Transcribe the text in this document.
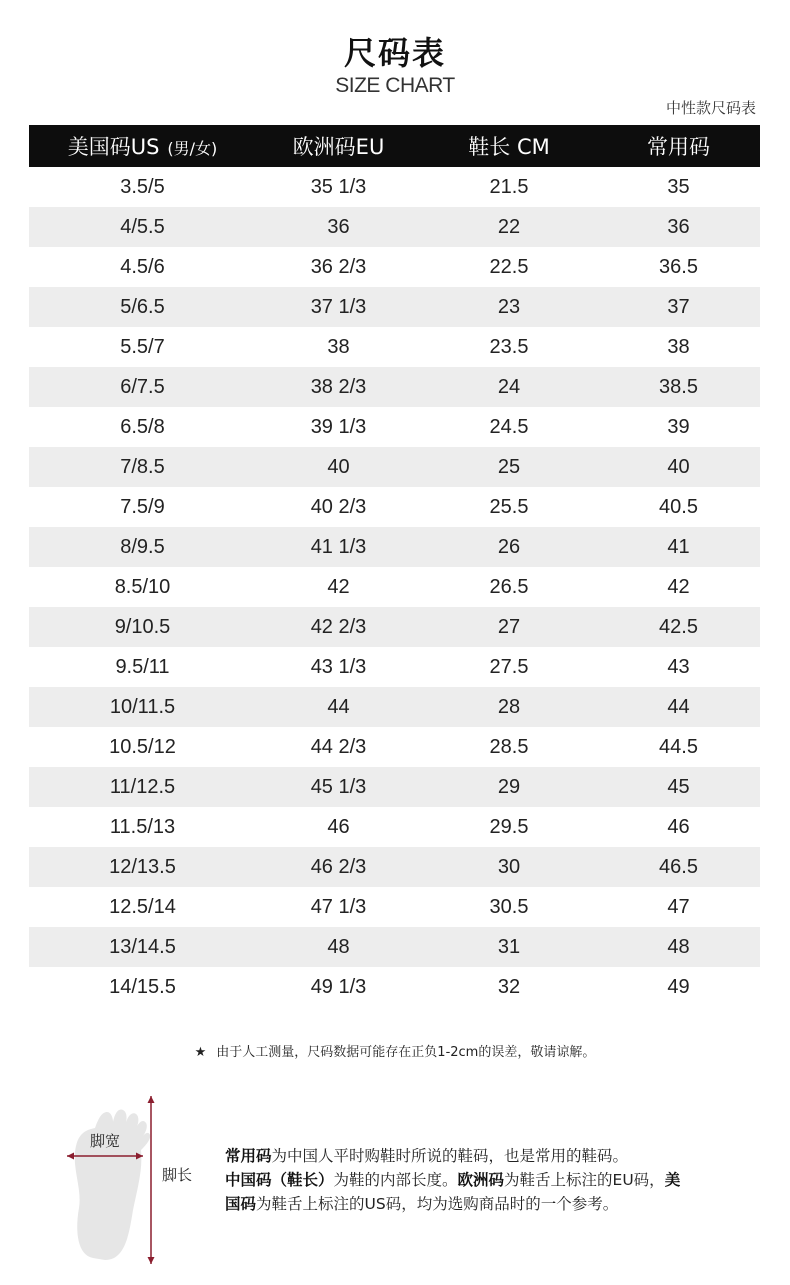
尺码表
SIZE CHART
中性款尺码表
美国码US (男/女)	欧洲码EU	鞋长 CM	常用码
3.5/5	35 1/3	21.5	35
4/5.5	36	22	36
4.5/6	36 2/3	22.5	36.5
5/6.5	37 1/3	23	37
5.5/7	38	23.5	38
6/7.5	38 2/3	24	38.5
6.5/8	39 1/3	24.5	39
7/8.5	40	25	40
7.5/9	40 2/3	25.5	40.5
8/9.5	41 1/3	26	41
8.5/10	42	26.5	42
9/10.5	42 2/3	27	42.5
9.5/11	43 1/3	27.5	43
10/11.5	44	28	44
10.5/12	44 2/3	28.5	44.5
11/12.5	45 1/3	29	45
11.5/13	46	29.5	46
12/13.5	46 2/3	30	46.5
12.5/14	47 1/3	30.5	47
13/14.5	48	31	48
14/15.5	49 1/3	32	49
★ 由于人工测量，尺码数据可能存在正负1-2cm的误差，敬请谅解。
脚宽
脚长
常用码为中国人平时购鞋时所说的鞋码，也是常用的鞋码。
中国码（鞋长）为鞋的内部长度。欧洲码为鞋舌上标注的EU码，美国码为鞋舌上标注的US码，均为选购商品时的一个参考。
